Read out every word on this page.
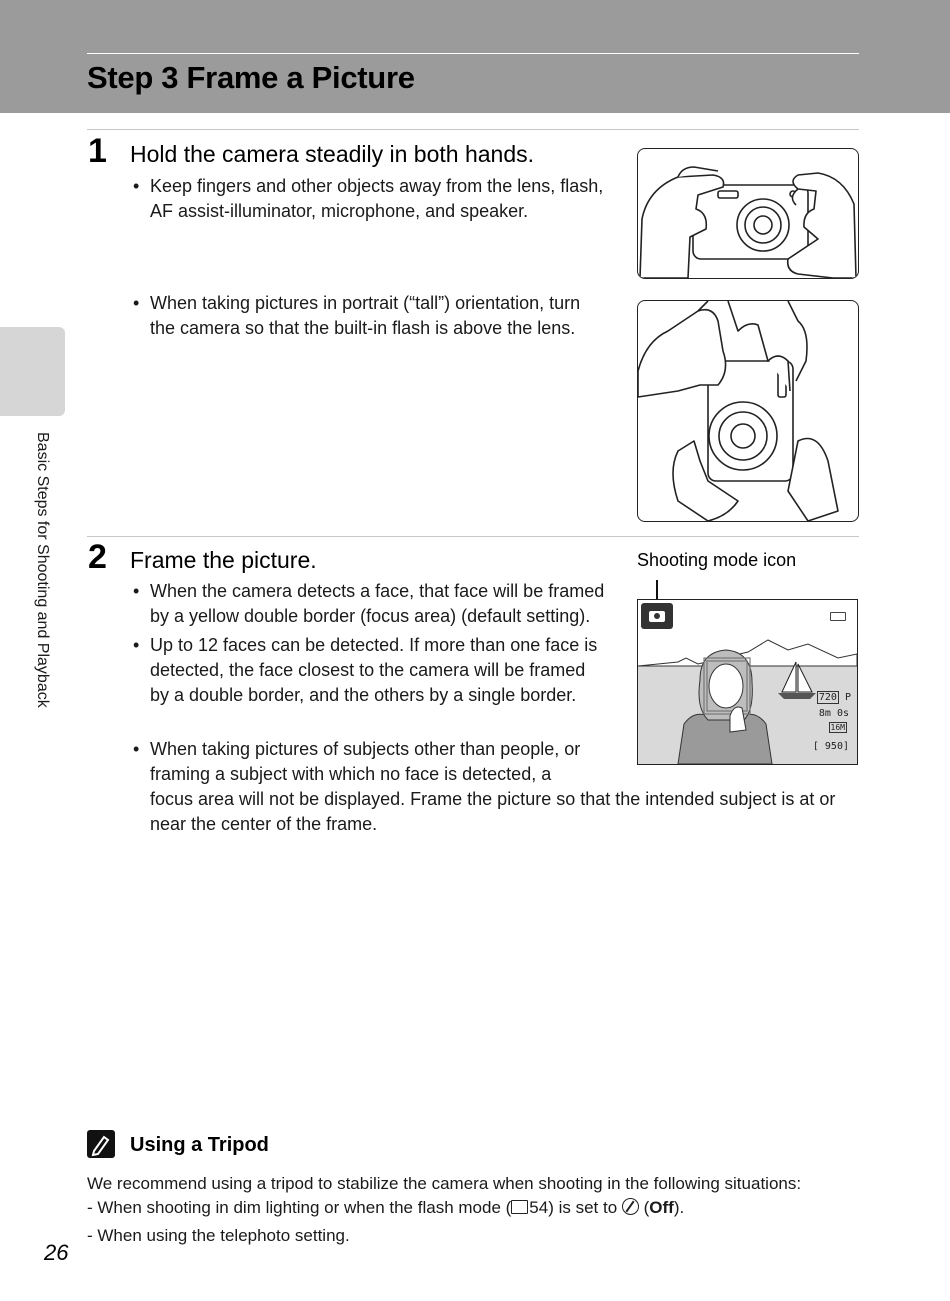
Step 3 Frame a Picture
Basic Steps for Shooting and Playback
1 Hold the camera steadily in both hands.
• Keep fingers and other objects away from the lens, flash, AF assist-illuminator, microphone, and speaker.
• When taking pictures in portrait (“tall”) orientation, turn the camera so that the built-in flash is above the lens.
2 Frame the picture.	Shooting mode icon
• When the camera detects a face, that face will be framed by a yellow double border (focus area) (default setting).
• Up to 12 faces can be detected. If more than one face is detected, the face closest to the camera will be framed by a double border, and the others by a single border.
• When taking pictures of subjects other than people, or
framing a subject with which no face is detected, a
focus area will not be displayed. Frame the picture so that the intended subject is at or
near the center of the frame.
720 P
8m 0s
16M
[ 950]
Using a Tripod
We recommend using a tripod to stabilize the camera when shooting in the following situations:
- When shooting in dim lighting or when the flash mode ( 54) is set to
(Off).
- When using the telephoto setting.
26
